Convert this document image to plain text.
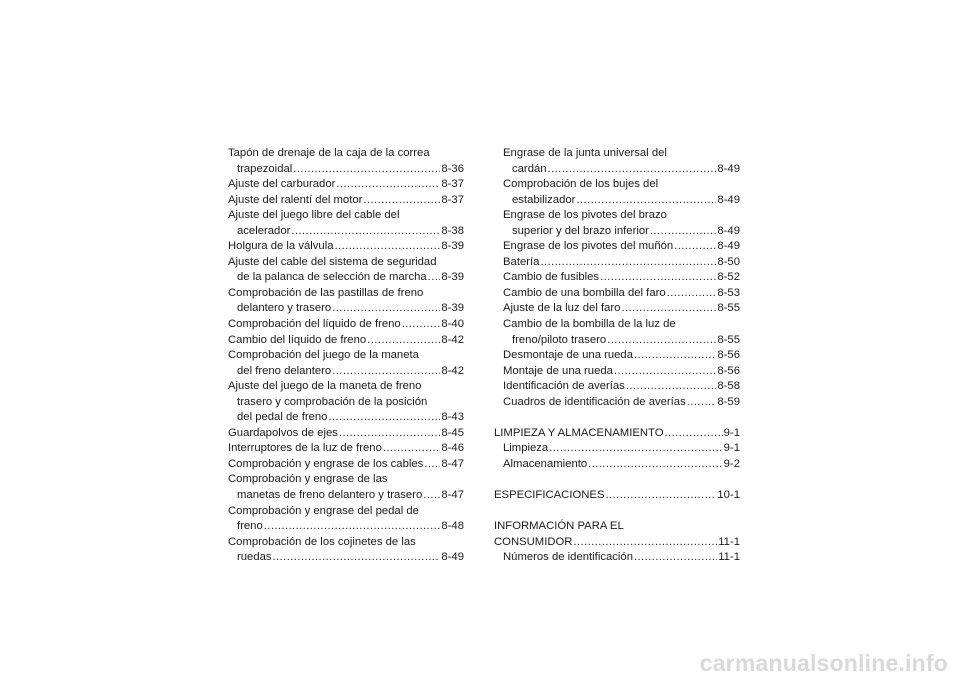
Tapón de drenaje de la caja de la correa
trapezoidal .....	8-36
Ajuste del carburador .....	8-37
Ajuste del ralentí del motor .....	8-37
Ajuste del juego libre del cable del
acelerador .....	8-38
Holgura de la válvula .....	8-39
Ajuste del cable del sistema de seguridad
de la palanca de selección de marcha ..... 8-39
Comprobación de las pastillas de freno
delantero y trasero .....	8-39
Comprobación del líquido de freno .....	8-40
Cambio del líquido de freno .....	8-42
Comprobación del juego de la maneta
del freno delantero .....	8-42
Ajuste del juego de la maneta de freno
trasero y comprobación de la posición
del pedal de freno .....	8-43
Guardapolvos de ejes .....	8-45
Interruptores de la luz de freno .....	8-46
Comprobación y engrase de los cables ..... 8-47
Comprobación y engrase de las
manetas de freno delantero y trasero ..... 8-47
Comprobación y engrase del pedal de
freno .....	8-48
Comprobación de los cojinetes de las
ruedas .....	8-49
Engrase de la junta universal del
cardán .....	8-49
Comprobación de los bujes del
estabilizador .....	8-49
Engrase de los pivotes del brazo
superior y del brazo inferior .....	8-49
Engrase de los pivotes del muñón .....	8-49
Batería .....	8-50
Cambio de fusibles .....	8-52
Cambio de una bombilla del faro .....	8-53
Ajuste de la luz del faro .....	8-55
Cambio de la bombilla de la luz de
freno/piloto trasero .....	8-55
Desmontaje de una rueda .....	8-56
Montaje de una rueda .....	8-56
Identificación de averías .....	8-58
Cuadros de identificación de averías .....	8-59
LIMPIEZA Y ALMACENAMIENTO .....	9-1
Limpieza .....	9-1
Almacenamiento .....	9-2
ESPECIFICACIONES .....	10-1
INFORMACIÓN PARA EL
CONSUMIDOR .....	11-1
Números de identificación .....	11-1
carmanualsonline.info
